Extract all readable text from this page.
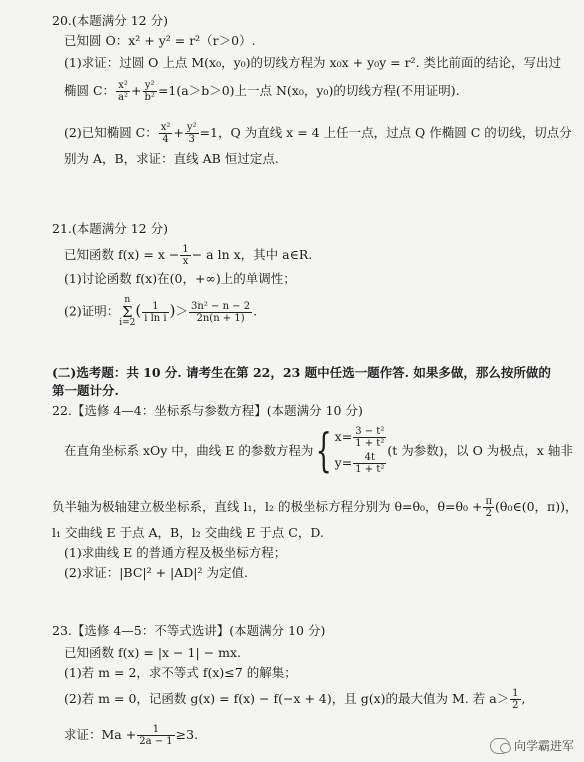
20.(本题满分 12 分)
已知圆 O：x² + y² = r²（r＞0）.
(1)求证：过圆 O 上点 M(x₀，y₀)的切线方程为 x₀x + y₀y = r². 类比前面的结论，写出过
椭圆 C： $\frac{\text{x²}}{\text{a²}} + \frac{\text{y²}}{\text{b²}} =1(a>b>0)$上一点 N(x₀，y₀)的切线方程(不用证明).
(2)已知椭圆 C： $\frac{\text{x²}}{4} + \frac{\text{y²}}{3} =1$，Q 为直线 x = 4 上任一点，过点 Q 作椭圆 C 的切线，切点分
别为 A，B，求证：直线 AB 恒过定点.
21.(本题满分 12 分)
已知函数 $f(x) = x - \frac{1}{x} - a$ ln x，其中 a∈R.
(1)讨论函数 f(x)在(0，+∞)上的单调性；
(2)证明：n
Σ
$i=2( \frac{1}{\text{i ln i}}$ )＞ $\frac{\text{3n² − n − 2}}{2n(n + 1)}$ .
(二)选考题：共 10 分. 请考生在第 22，23 题中任选一题作答. 如果多做，那么按所做的
第一题计分.
22.【选修 4—4：坐标系与参数方程】(本题满分 10 分)
在直角坐标系 xOy 中，曲线 E 的参数方程为{ $x= \frac{\text{3 − t²}}{\text{1 + t²}}$
$y= \frac{4t}{\text{1 + t²}}$
(t 为参数)，以 O 为极点，x 轴非
负半轴为极轴建立极坐标系，直线 l₁，l₂ 的极坐标方程分别为 θ=θ₀，$\theta=\theta_0 + \frac{\pi}{2}$ (θ₀∈(0，π))，
l₁ 交曲线 E 于点 A，B，l₂ 交曲线 E 于点 C，D.
(1)求曲线 E 的普通方程及极坐标方程；
(2)求证：|BC|² + |AD|² 为定值.
23.【选修 4—5：不等式选讲】(本题满分 10 分)
已知函数 f(x) = |x − 1| − mx.
(1)若 m = 2，求不等式 f(x)≤7 的解集；
(2)若 m = 0，记函数 g(x) = f(x) − f(−x + 4)，且 g(x)的最大值为 M. 若 $a> \frac{1}{2}$ ,
求证：$Ma + \frac{1}{2a - 1} \ge 3$.
向学霸进军
